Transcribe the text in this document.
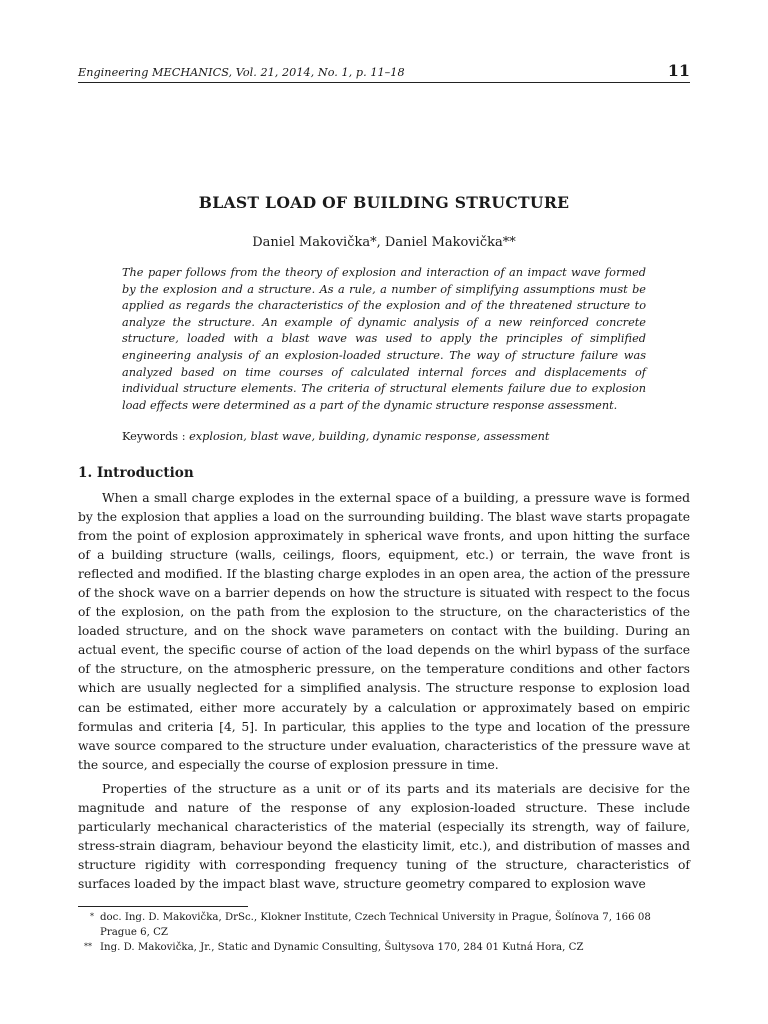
Engineering MECHANICS, Vol. 21, 2014, No. 1, p. 11–18	11
BLAST LOAD OF BUILDING STRUCTURE
Daniel Makovička*, Daniel Makovička**
The paper follows from the theory of explosion and interaction of an impact wave formed by the explosion and a structure. As a rule, a number of simplifying assumptions must be applied as regards the characteristics of the explosion and of the threatened structure to analyze the structure. An example of dynamic analysis of a new reinforced concrete structure, loaded with a blast wave was used to apply the principles of simplified engineering analysis of an explosion-loaded structure. The way of structure failure was analyzed based on time courses of calculated internal forces and displacements of individual structure elements. The criteria of structural elements failure due to explosion load effects were determined as a part of the dynamic structure response assessment.
Keywords : explosion, blast wave, building, dynamic response, assessment
1. Introduction

When a small charge explodes in the external space of a building, a pressure wave is formed by the explosion that applies a load on the surrounding building. The blast wave starts propagate from the point of explosion approximately in spherical wave fronts, and upon hitting the surface of a building structure (walls, ceilings, floors, equipment, etc.) or terrain, the wave front is reflected and modified. If the blasting charge explodes in an open area, the action of the pressure of the shock wave on a barrier depends on how the structure is situated with respect to the focus of the explosion, on the path from the explosion to the structure, on the characteristics of the loaded structure, and on the shock wave parameters on contact with the building. During an actual event, the specific course of action of the load depends on the whirl bypass of the surface of the structure, on the atmospheric pressure, on the temperature conditions and other factors which are usually neglected for a simplified analysis. The structure response to explosion load can be estimated, either more accurately by a calculation or approximately based on empiric formulas and criteria [4, 5]. In particular, this applies to the type and location of the pressure wave source compared to the structure under evaluation, characteristics of the pressure wave at the source, and especially the course of explosion pressure in time.

Properties of the structure as a unit or of its parts and its materials are decisive for the magnitude and nature of the response of any explosion-loaded structure. These include particularly mechanical characteristics of the material (especially its strength, way of failure, stress-strain diagram, behaviour beyond the elasticity limit, etc.), and distribution of masses and structure rigidity with corresponding frequency tuning of the structure, characteristics of surfaces loaded by the impact blast wave, structure geometry compared to explosion wave

* doc. Ing. D. Makovička, DrSc., Klokner Institute, Czech Technical University in Prague, Šolínova 7, 166 08 Prague 6, CZ
** Ing. D. Makovička, Jr., Static and Dynamic Consulting, Šultysova 170, 284 01 Kutná Hora, CZ
